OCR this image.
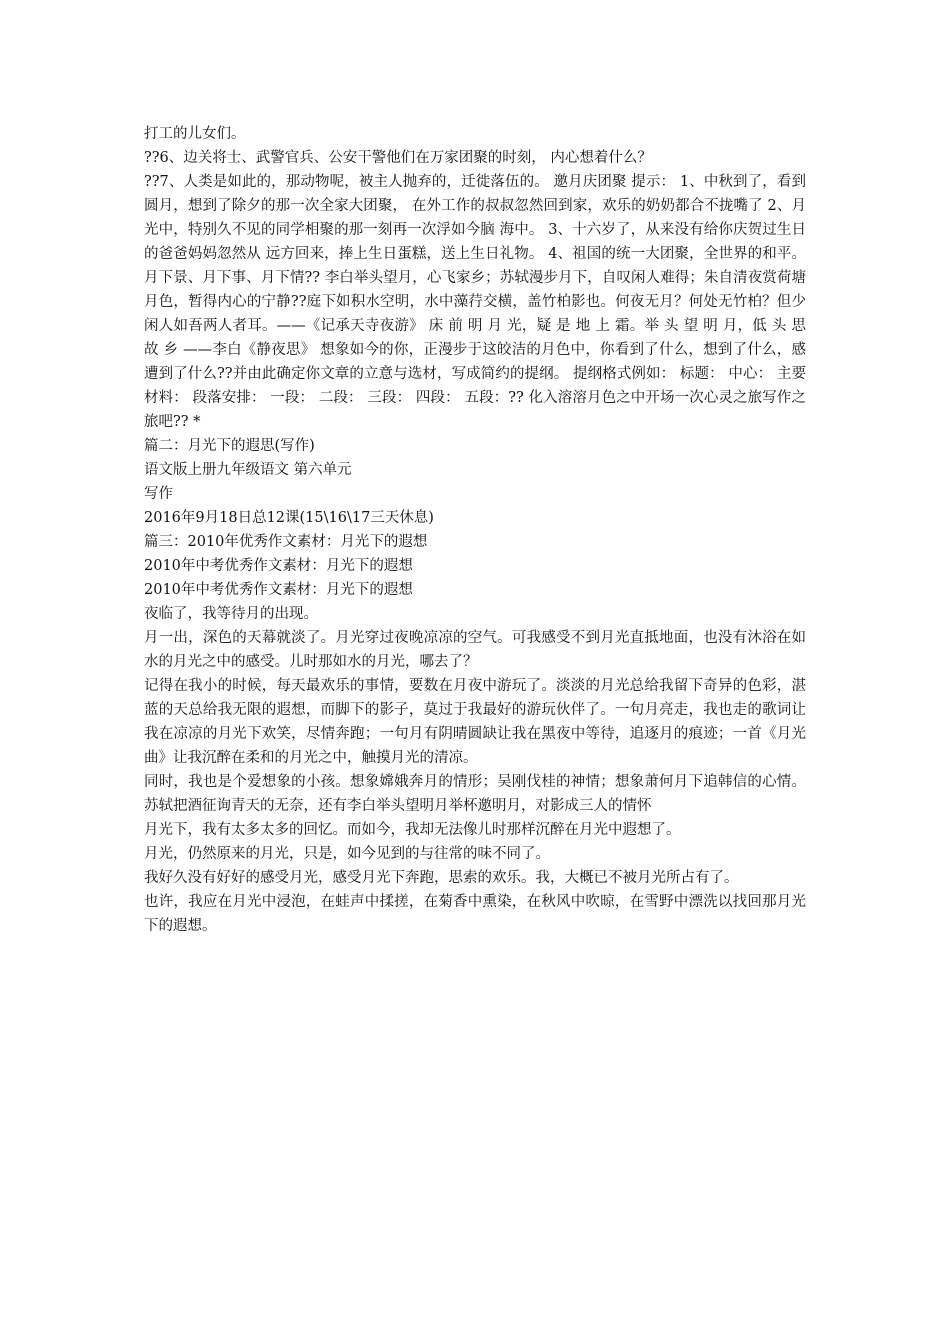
打工的儿女们。

??6、边关将士、武警官兵、公安干警他们在万家团聚的时刻， 内心想着什么？

??7、人类是如此的，那动物呢，被主人抛弃的，迁徙落伍的。 邀月庆团聚 提示： 1、中秋到了，看到圆月，想到了除夕的那一次全家大团聚， 在外工作的叔叔忽然回到家，欢乐的奶奶都合不拢嘴了 2、月光中，特别久不见的同学相聚的那一刻再一次浮如今脑 海中。 3、十六岁了，从来没有给你庆贺过生日的爸爸妈妈忽然从 远方回来，捧上生日蛋糕，送上生日礼物。 4、祖国的统一大团聚，全世界的和平。 月下景、月下事、月下情?? 李白举头望月，心飞家乡；苏轼漫步月下，自叹闲人难得；朱自清夜赏荷塘月色，暂得内心的宁静??庭下如积水空明，水中藻荇交横，盖竹柏影也。何夜无月？何处无竹柏？但少闲人如吾两人者耳。——《记承天寺夜游》 床 前 明 月 光，疑 是 地 上 霜。举 头 望 明 月，低 头 思 故 乡 ——李白《静夜思》 想象如今的你，正漫步于这皎洁的月色中，你看到了什么，想到了什么，感遭到了什么??并由此确定你文章的立意与选材，写成简约的提纲。 提纲格式例如： 标题： 中心： 主要材料： 段落安排： 一段： 二段： 三段： 四段： 五段：?? 化入溶溶月色之中开场一次心灵之旅写作之旅吧?? *

篇二：月光下的遐思(写作)

语文版上册九年级语文 第六单元

写作

2016年9月18日总12课(15\16\17三天休息)

篇三：2010年优秀作文素材：月光下的遐想

2010年中考优秀作文素材：月光下的遐想

2010年中考优秀作文素材：月光下的遐想

夜临了，我等待月的出现。

月一出，深色的天幕就淡了。月光穿过夜晚凉凉的空气。可我感受不到月光直抵地面，也没有沐浴在如水的月光之中的感受。儿时那如水的月光，哪去了？

记得在我小的时候，每天最欢乐的事情，要数在月夜中游玩了。淡淡的月光总给我留下奇异的色彩，湛蓝的天总给我无限的遐想，而脚下的影子，莫过于我最好的游玩伙伴了。一句月亮走，我也走的歌词让我在凉凉的月光下欢笑，尽情奔跑；一句月有阴晴圆缺让我在黑夜中等待，追逐月的痕迹；一首《月光曲》让我沉醉在柔和的月光之中，触摸月光的清凉。

同时，我也是个爱想象的小孩。想象嫦娥奔月的情形；吴刚伐桂的神情；想象萧何月下追韩信的心情。苏轼把酒征询青天的无奈，还有李白举头望明月举杯邀明月，对影成三人的情怀

月光下，我有太多太多的回忆。而如今，我却无法像儿时那样沉醉在月光中遐想了。

月光，仍然原来的月光，只是，如今见到的与往常的味不同了。

我好久没有好好的感受月光，感受月光下奔跑，思索的欢乐。我，大概已不被月光所占有了。

也许，我应在月光中浸泡，在蛙声中揉搓，在菊香中熏染，在秋风中吹晾，在雪野中漂洗以找回那月光下的遐想。
